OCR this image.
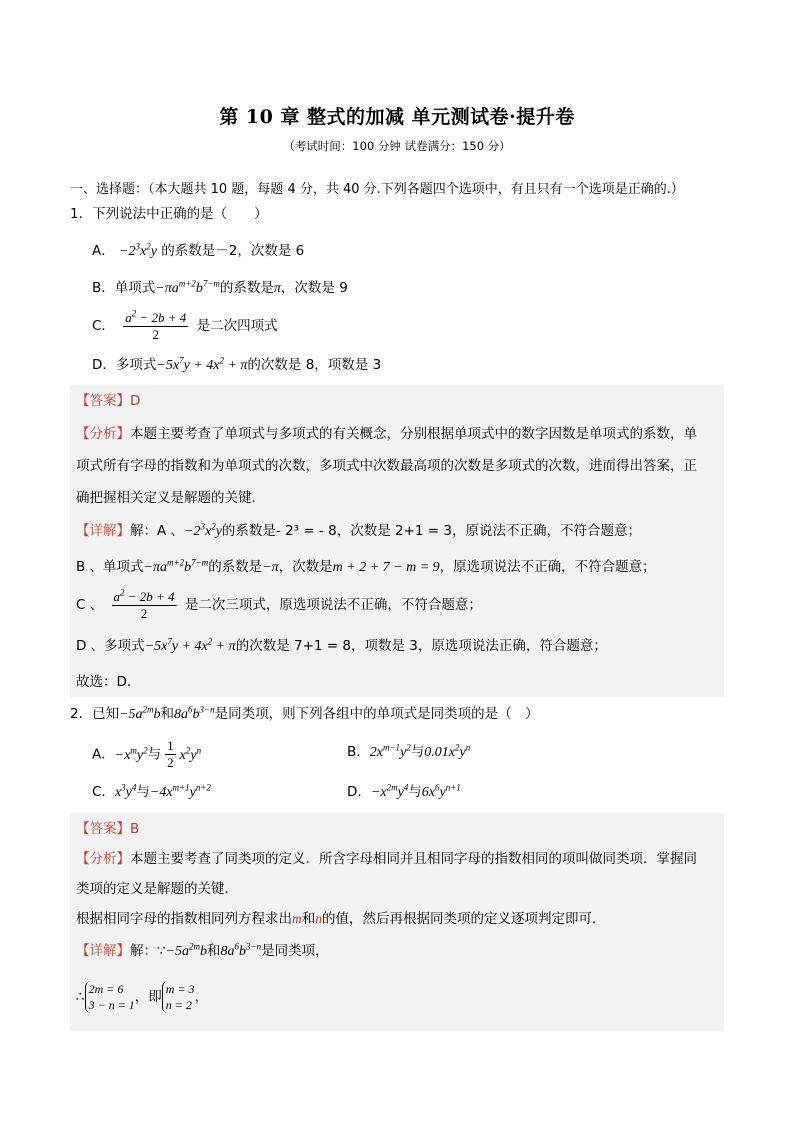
第 10 章 整式的加减 单元测试卷·提升卷
（考试时间：100 分钟 试卷满分：150 分）
一、选择题：（本大题共 10 题，每题 4 分，共 40 分.下列各题四个选项中，有且只有一个选项是正确的.）
1．下列说法中正确的是（　　）
A． $-2^3x^2y$ 的系数是－2，次数是 6
B．单项式$-\pi a^{m+2}b^{7-m}$的系数是π，次数是 9
C． $\frac{a^2 - 2b + 4}{2}$ 是二次四项式
D．多项式$-5x^7y + 4x^2 + \pi$的次数是 8，项数是 3
【答案】D
【分析】本题主要考查了单项式与多项式的有关概念，分别根据单项式中的数字因数是单项式的系数，单
项式所有字母的指数和为单项式的次数，多项式中次数最高项的次数是多项式的次数，进而得出答案，正
确把握相关定义是解题的关键．
【详解】解：A 、$-2^3x^2y$的系数是- 2³ = - 8，次数是 2+1 = 3，原说法不正确，不符合题意；
B 、单项式$-\pi a^{m+2}b^{7-m}$的系数是−π，次数是m + 2 + 7 − m = 9，原选项说法不正确，不符合题意；
C 、 $\frac{a^2 - 2b + 4}{2}$ 是二次三项式，原选项说法不正确，不符合题意；
D 、多项式$-5x^7y + 4x^2 + \pi$的次数是 7+1 = 8，项数是 3，原选项说法正确，符合题意；
故选：D．
2．已知$-5a^{2m}b$和$8a^6b^{3-n}$是同类项，则下列各组中的单项式是同类项的是（　）
A．$-x^my^2$与 $\frac{1}{2} x^2y^n$	B．$2x^{m-1}y^2$与$0.01x^2y^n$
C．$x^3y^4$与$-4x^{m+1}y^{n+2}$	D．$-x^{2m}y^4$与$6x^6y^{n+1}$
【答案】B
【分析】本题主要考查了同类项的定义．所含字母相同并且相同字母的指数相同的项叫做同类项．掌握同
类项的定义是解题的关键．
根据相同字母的指数相同列方程求出m和n的值，然后再根据同类项的定义逐项判定即可．
【详解】解：$\because-5a^{2m}b$和$8a^6b^{3-n}$是同类项，
∴ 2m = 6
3 − n = 1，即 m = 3
n = 2 ，
